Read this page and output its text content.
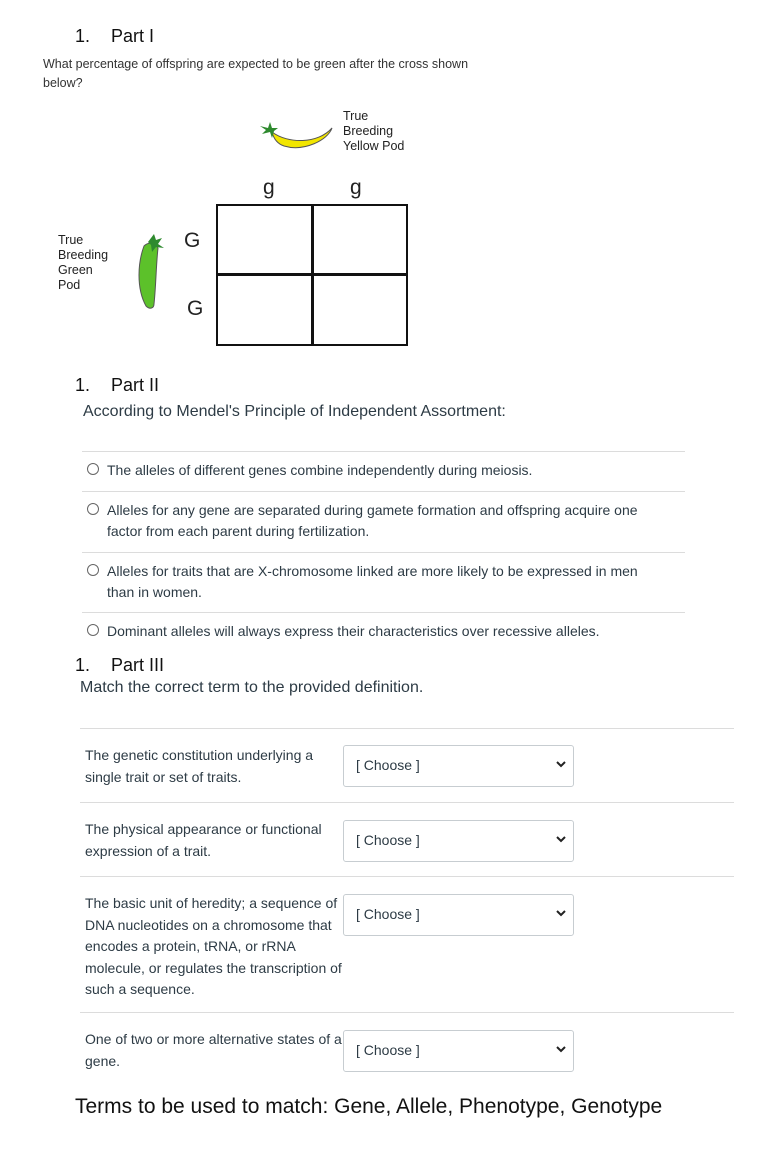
1. Part I
What percentage of offspring are expected to be green after the cross shown below?
True
Breeding
Yellow Pod
True
Breeding
Green
Pod
g	g
G
G
1. Part II
According to Mendel's Principle of Independent Assortment:
The alleles of different genes combine independently during meiosis.
Alleles for any gene are separated during gamete formation and offspring acquire one factor from each parent during fertilization.
Alleles for traits that are X-chromosome linked are more likely to be expressed in men than in women.
Dominant alleles will always express their characteristics over recessive alleles.
1. Part III
Match the correct term to the provided definition.
The genetic constitution underlying a single trait or set of traits.
[ Choose ]
The physical appearance or functional expression of a trait.
[ Choose ]
The basic unit of heredity; a sequence of DNA nucleotides on a chromosome that encodes a protein, tRNA, or rRNA molecule, or regulates the transcription of such a sequence.
[ Choose ]
One of two or more alternative states of a gene.
[ Choose ]
Terms to be used to match: Gene, Allele, Phenotype, Genotype
